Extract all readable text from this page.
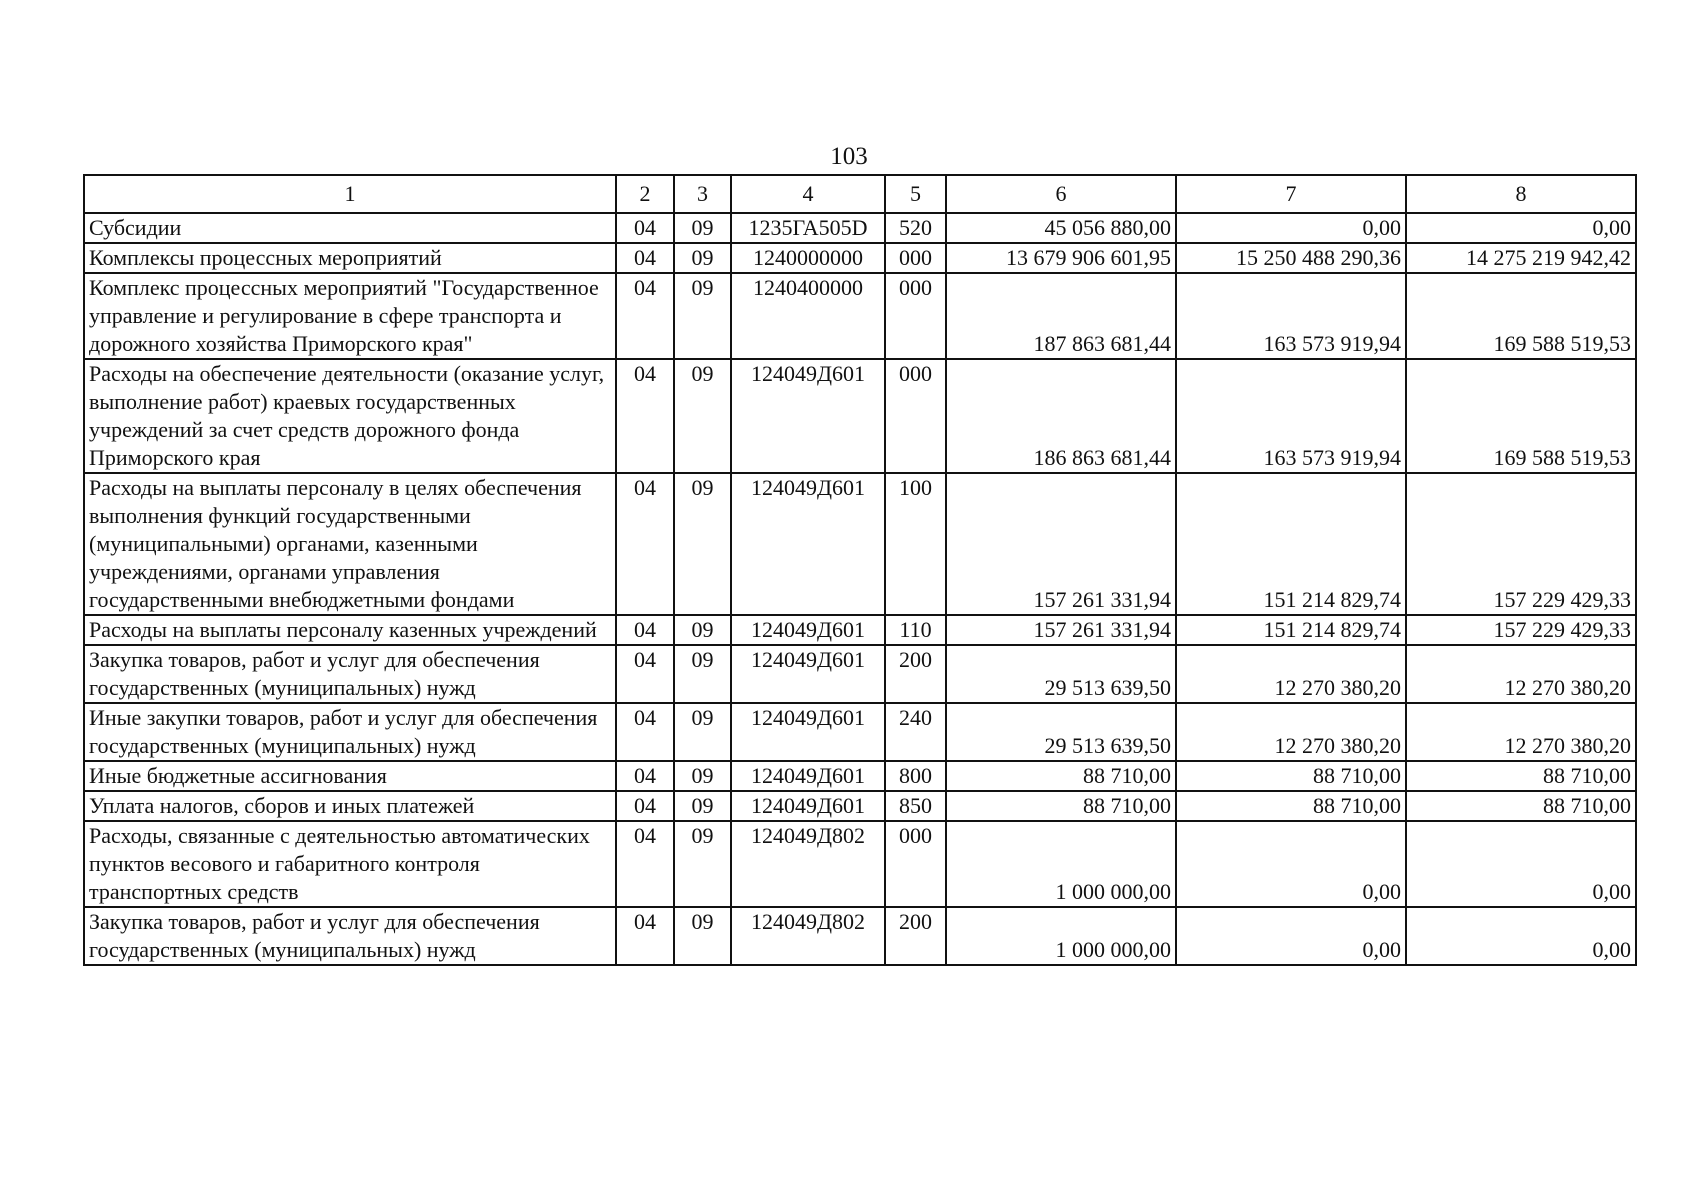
103
1	2	3	4	5	6	7	8
Субсидии	04	09	1235ГА505D	520	45 056 880,00	0,00	0,00
Комплексы процессных мероприятий	04	09	1240000000	000	13 679 906 601,95	15 250 488 290,36	14 275 219 942,42
Комплекс процессных мероприятий "Государственное управление и регулирование в сфере транспорта и дорожного хозяйства Приморского края"	04	09	1240400000	000	187 863 681,44	163 573 919,94	169 588 519,53
Расходы на обеспечение деятельности (оказание услуг, выполнение работ) краевых государственных учреждений за счет средств дорожного фонда Приморского края	04	09	124049Д601	000	186 863 681,44	163 573 919,94	169 588 519,53
Расходы на выплаты персоналу в целях обеспечения выполнения функций государственными (муниципальными) органами, казенными учреждениями, органами управления государственными внебюджетными фондами	04	09	124049Д601	100	157 261 331,94	151 214 829,74	157 229 429,33
Расходы на выплаты персоналу казенных учреждений	04	09	124049Д601	110	157 261 331,94	151 214 829,74	157 229 429,33
Закупка товаров, работ и услуг для обеспечения государственных (муниципальных) нужд	04	09	124049Д601	200	29 513 639,50	12 270 380,20	12 270 380,20
Иные закупки товаров, работ и услуг для обеспечения государственных (муниципальных) нужд	04	09	124049Д601	240	29 513 639,50	12 270 380,20	12 270 380,20
Иные бюджетные ассигнования	04	09	124049Д601	800	88 710,00	88 710,00	88 710,00
Уплата налогов, сборов и иных платежей	04	09	124049Д601	850	88 710,00	88 710,00	88 710,00
Расходы, связанные с деятельностью автоматических пунктов весового и габаритного контроля транспортных средств	04	09	124049Д802	000	1 000 000,00	0,00	0,00
Закупка товаров, работ и услуг для обеспечения государственных (муниципальных) нужд	04	09	124049Д802	200	1 000 000,00	0,00	0,00
